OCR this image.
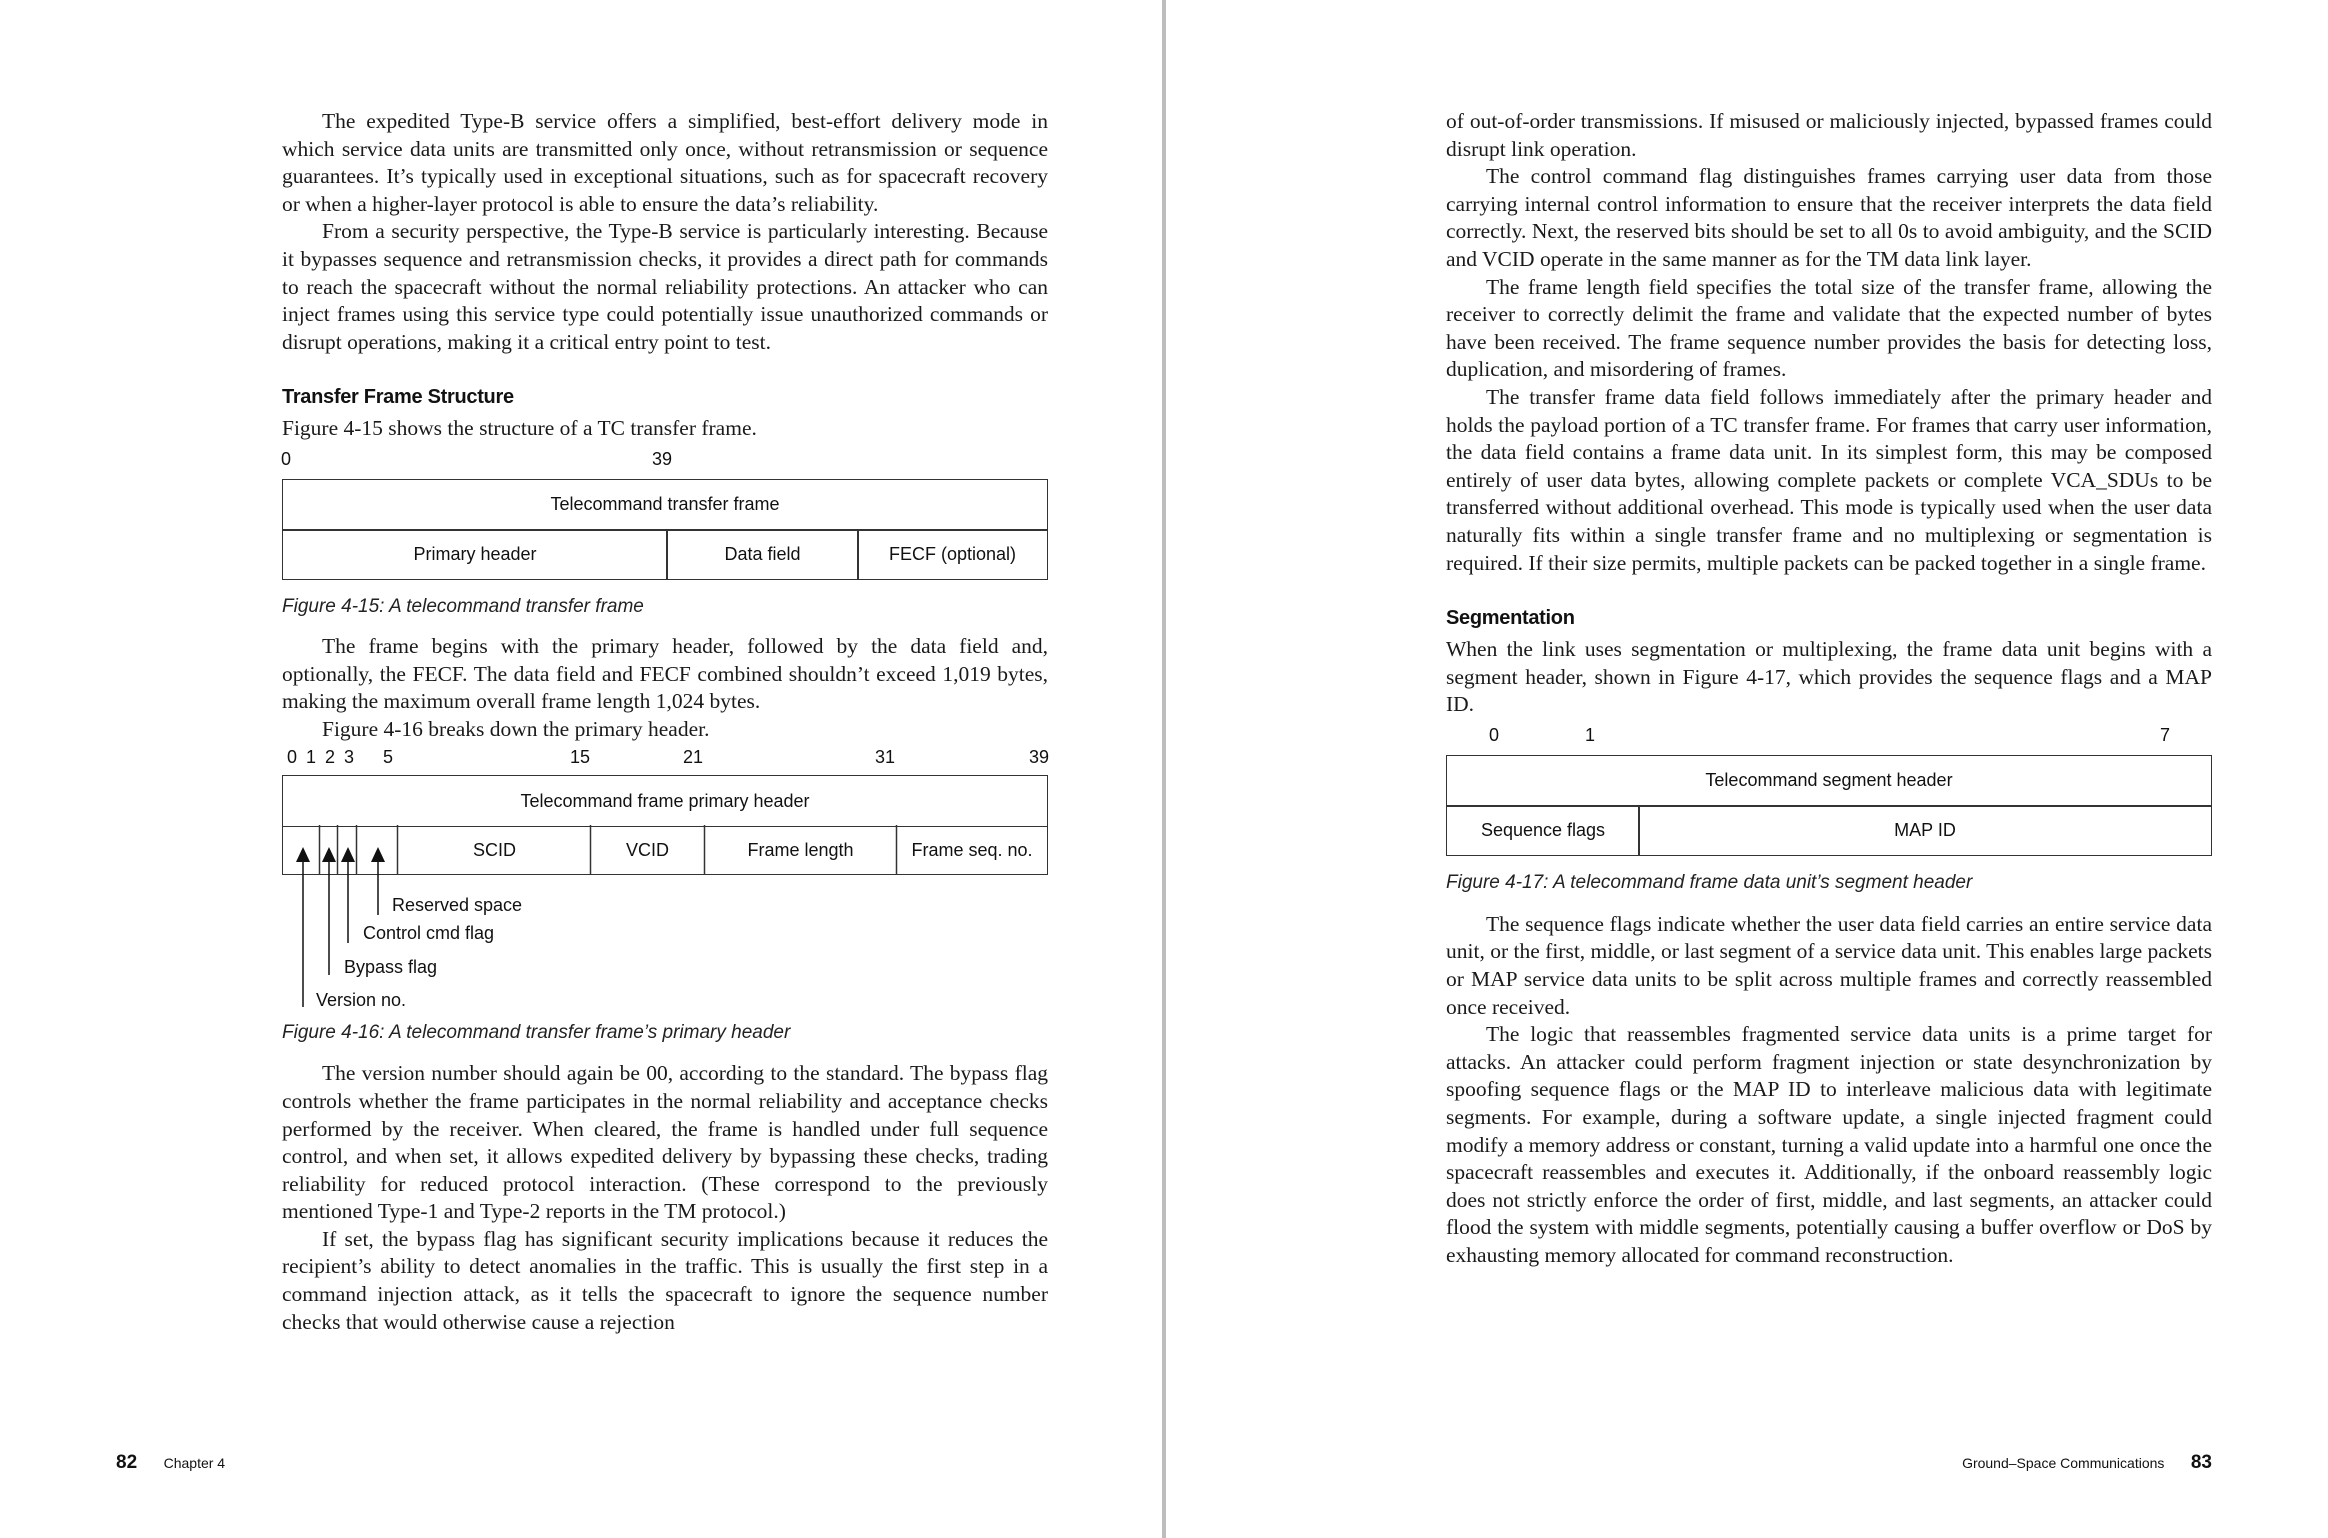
The expedited Type-B service offers a simplified, best-effort delivery mode in which service data units are transmitted only once, without retransmission or sequence guarantees. It’s typically used in exceptional situations, such as for spacecraft recovery or when a higher-layer protocol is able to ensure the data’s reliability.

From a security perspective, the Type-B service is particularly interesting. Because it bypasses sequence and retransmission checks, it provides a direct path for commands to reach the spacecraft without the normal reliability protections. An attacker who can inject frames using this service type could potentially issue unauthorized commands or disrupt operations, making it a critical entry point to test.

Transfer Frame Structure

Figure 4-15 shows the structure of a TC transfer frame.

0	39
Telecommand transfer frame
Primary header	Data field	FECF (optional)

Figure 4-15: A telecommand transfer frame

The frame begins with the primary header, followed by the data field and, optionally, the FECF. The data field and FECF combined shouldn’t exceed 1,019 bytes, making the maximum overall frame length 1,024 bytes.

Figure 4-16 breaks down the primary header.

0 1 2 3 5	15	21	31	39
Telecommand frame primary header
SCID	VCID	Frame length	Frame seq. no.
Reserved space
Control cmd flag
Bypass flag
Version no.

Figure 4-16: A telecommand transfer frame’s primary header

The version number should again be 00, according to the standard. The bypass flag controls whether the frame participates in the normal reliability and acceptance checks performed by the receiver. When cleared, the frame is handled under full sequence control, and when set, it allows expedited delivery by bypassing these checks, trading reliability for reduced protocol interaction. (These correspond to the previously mentioned Type-1 and Type-2 reports in the TM protocol.)

If set, the bypass flag has significant security implications because it reduces the recipient’s ability to detect anomalies in the traffic. This is usually the first step in a command injection attack, as it tells the spacecraft to ignore the sequence number checks that would otherwise cause a rejection

82 Chapter 4

of out-of-order transmissions. If misused or maliciously injected, bypassed frames could disrupt link operation.

The control command flag distinguishes frames carrying user data from those carrying internal control information to ensure that the receiver interprets the data field correctly. Next, the reserved bits should be set to all 0s to avoid ambiguity, and the SCID and VCID operate in the same manner as for the TM data link layer.

The frame length field specifies the total size of the transfer frame, allowing the receiver to correctly delimit the frame and validate that the expected number of bytes have been received. The frame sequence number provides the basis for detecting loss, duplication, and misordering of frames.

The transfer frame data field follows immediately after the primary header and holds the payload portion of a TC transfer frame. For frames that carry user information, the data field contains a frame data unit. In its simplest form, this may be composed entirely of user data bytes, allowing complete packets or complete VCA_SDUs to be transferred without additional overhead. This mode is typically used when the user data naturally fits within a single transfer frame and no multiplexing or segmentation is required. If their size permits, multiple packets can be packed together in a single frame.

Segmentation

When the link uses segmentation or multiplexing, the frame data unit begins with a segment header, shown in Figure 4-17, which provides the sequence flags and a MAP ID.

0	1	7
Telecommand segment header
Sequence flags	MAP ID

Figure 4-17: A telecommand frame data unit’s segment header

The sequence flags indicate whether the user data field carries an entire service data unit, or the first, middle, or last segment of a service data unit. This enables large packets or MAP service data units to be split across multiple frames and correctly reassembled once received.

The logic that reassembles fragmented service data units is a prime target for attacks. An attacker could perform fragment injection or state desynchronization by spoofing sequence flags or the MAP ID to interleave malicious data with legitimate segments. For example, during a software update, a single injected fragment could modify a memory address or constant, turning a valid update into a harmful one once the spacecraft reassembles and executes it. Additionally, if the onboard reassembly logic does not strictly enforce the order of first, middle, and last segments, an attacker could flood the system with middle segments, potentially causing a buffer overflow or DoS by exhausting memory allocated for command reconstruction.

Ground–Space Communications 83
